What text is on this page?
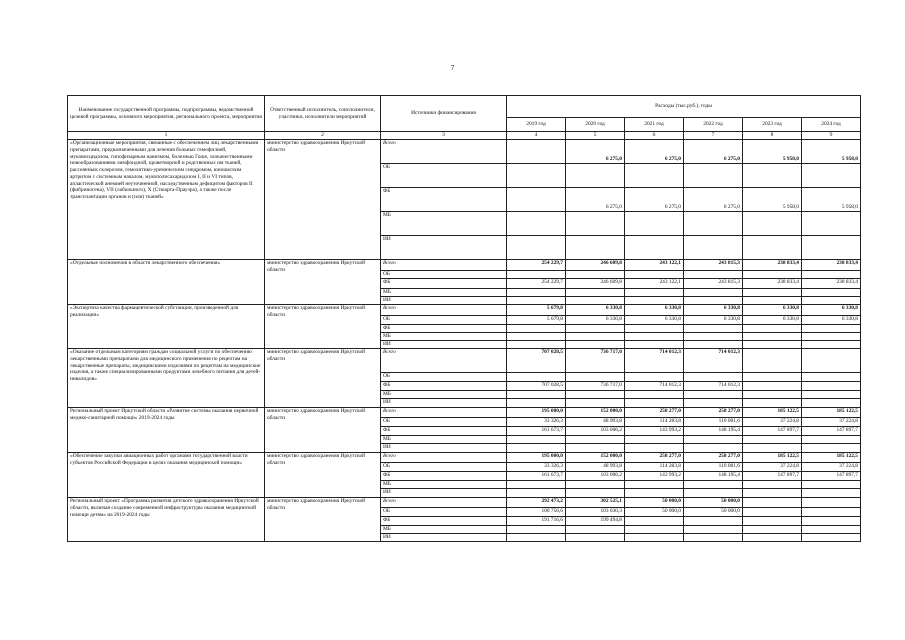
7
Наименование государственной программы, подпрограммы, ведомственной целевой программы, основного мероприятия, регионального проекта, мероприятия	Ответственный исполнитель, соисполнители, участники, исполнители мероприятий	Источники финансирования	Расходы (тыс.руб.), годы					
			2019 год	2020 год	2021 год	2022 год	2023 год	2024 год
1	2	3	4	5	6	7	8	9
«Организационные мероприятия, связанные с обеспечением лиц лекарственными препаратами, предназначенными для лечения больных гемофилией, муковисцидозом, гипофизарным нанизмом, болезнью Гоше, злокачественными новообразованиями лимфоидной, кроветворной и родственных им тканей, рассеянным склерозом, гемолитико-уремическим синдромом, юношеским артритом с системным началом, мукополисахаридозом I, II и VI типов, апластической анемией неуточненной, наследственным дефицитом факторов II (фибриногена), VII (лабильного), X (Стюарта-Прауэра), а также после трансплантации органов и (или) тканей»	министерство здравоохранения Иркутской области	Всего		6 275,0	6 275,0	6 275,0	5 958,0	5 958,0
		ОБ						
		ФБ		6 275,0	6 275,0	6 275,0	5 958,0	5 958,0
		МБ						
		ИИ						
«Отдельные полномочия в области лекарственного обеспечения»	министерство здравоохранения Иркутской области	Всего	254 229,7	246 609,8	243 122,1	243 815,3	238 833,4	238 833,4
		ОБ						
		ФБ	254 229,7	246 609,8	243 122,1	243 815,3	238 833,4	238 833,4
		МБ						
		ИИ						
«Экспертиза качества фармацевтической субстанции, произведенной для реализации»	министерство здравоохранения Иркутской области	Всего	5 679,8	6 330,8	6 330,8	6 330,8	6 330,8	6 330,8
		ОБ	5 679,8	6 330,8	6 330,8	6 330,8	6 330,8	6 330,8
		ФБ						
		МБ						
		ИИ						
«Оказание отдельным категориям граждан социальной услуги по обеспечению лекарственными препаратами для медицинского применения по рецептам на лекарственные препараты, медицинскими изделиями по рецептам на медицинские изделия, а также специализированными продуктами лечебного питания для детей-инвалидов»	министерство здравоохранения Иркутской области	Всего	707 028,5	736 717,0	714 012,3	714 012,3		
		ОБ						
		ФБ	707 028,5	736 717,0	714 012,3	714 012,3		
		МБ						
		ИИ						
Региональный проект Иркутской области «Развитие системы оказания первичной медико-санитарной помощи» 2019-2024 годы	министерство здравоохранения Иркутской области	Всего	195 000,0	152 000,0	258 277,0	258 277,0	185 122,5	185 122,5
		ОБ	33 326,3	48 993,8	114 283,8	110 081,6	37 224,8	37 224,8
		ФБ	161 673,7	103 006,2	143 993,2	148 195,4	147 897,7	147 897,7
		МБ						
		ИИ						
«Обеспечение закупки авиационных работ органами государственной власти субъектов Российской Федерации в целях оказания медицинской помощи»	министерство здравоохранения Иркутской области	Всего	195 000,0	152 000,0	258 277,0	258 277,0	185 122,5	185 122,5
		ОБ	33 326,3	48 993,8	114 283,8	110 081,6	37 224,8	37 224,8
		ФБ	161 673,7	103 006,2	143 993,2	148 195,4	147 897,7	147 897,7
		МБ						
		ИИ						
Региональный проект «Программа развития детского здравоохранения Иркутской области, включая создание современной инфраструктуры оказания медицинской помощи детям» на 2019-2024 годы	министерство здравоохранения Иркутской области	Всего	292 473,2	302 525,1	50 000,0	50 000,0		
		ОБ	100 756,6	103 030,3	50 000,0	50 000,0		
		ФБ	191 716,6	199 494,8				
		МБ						
		ИИ						
